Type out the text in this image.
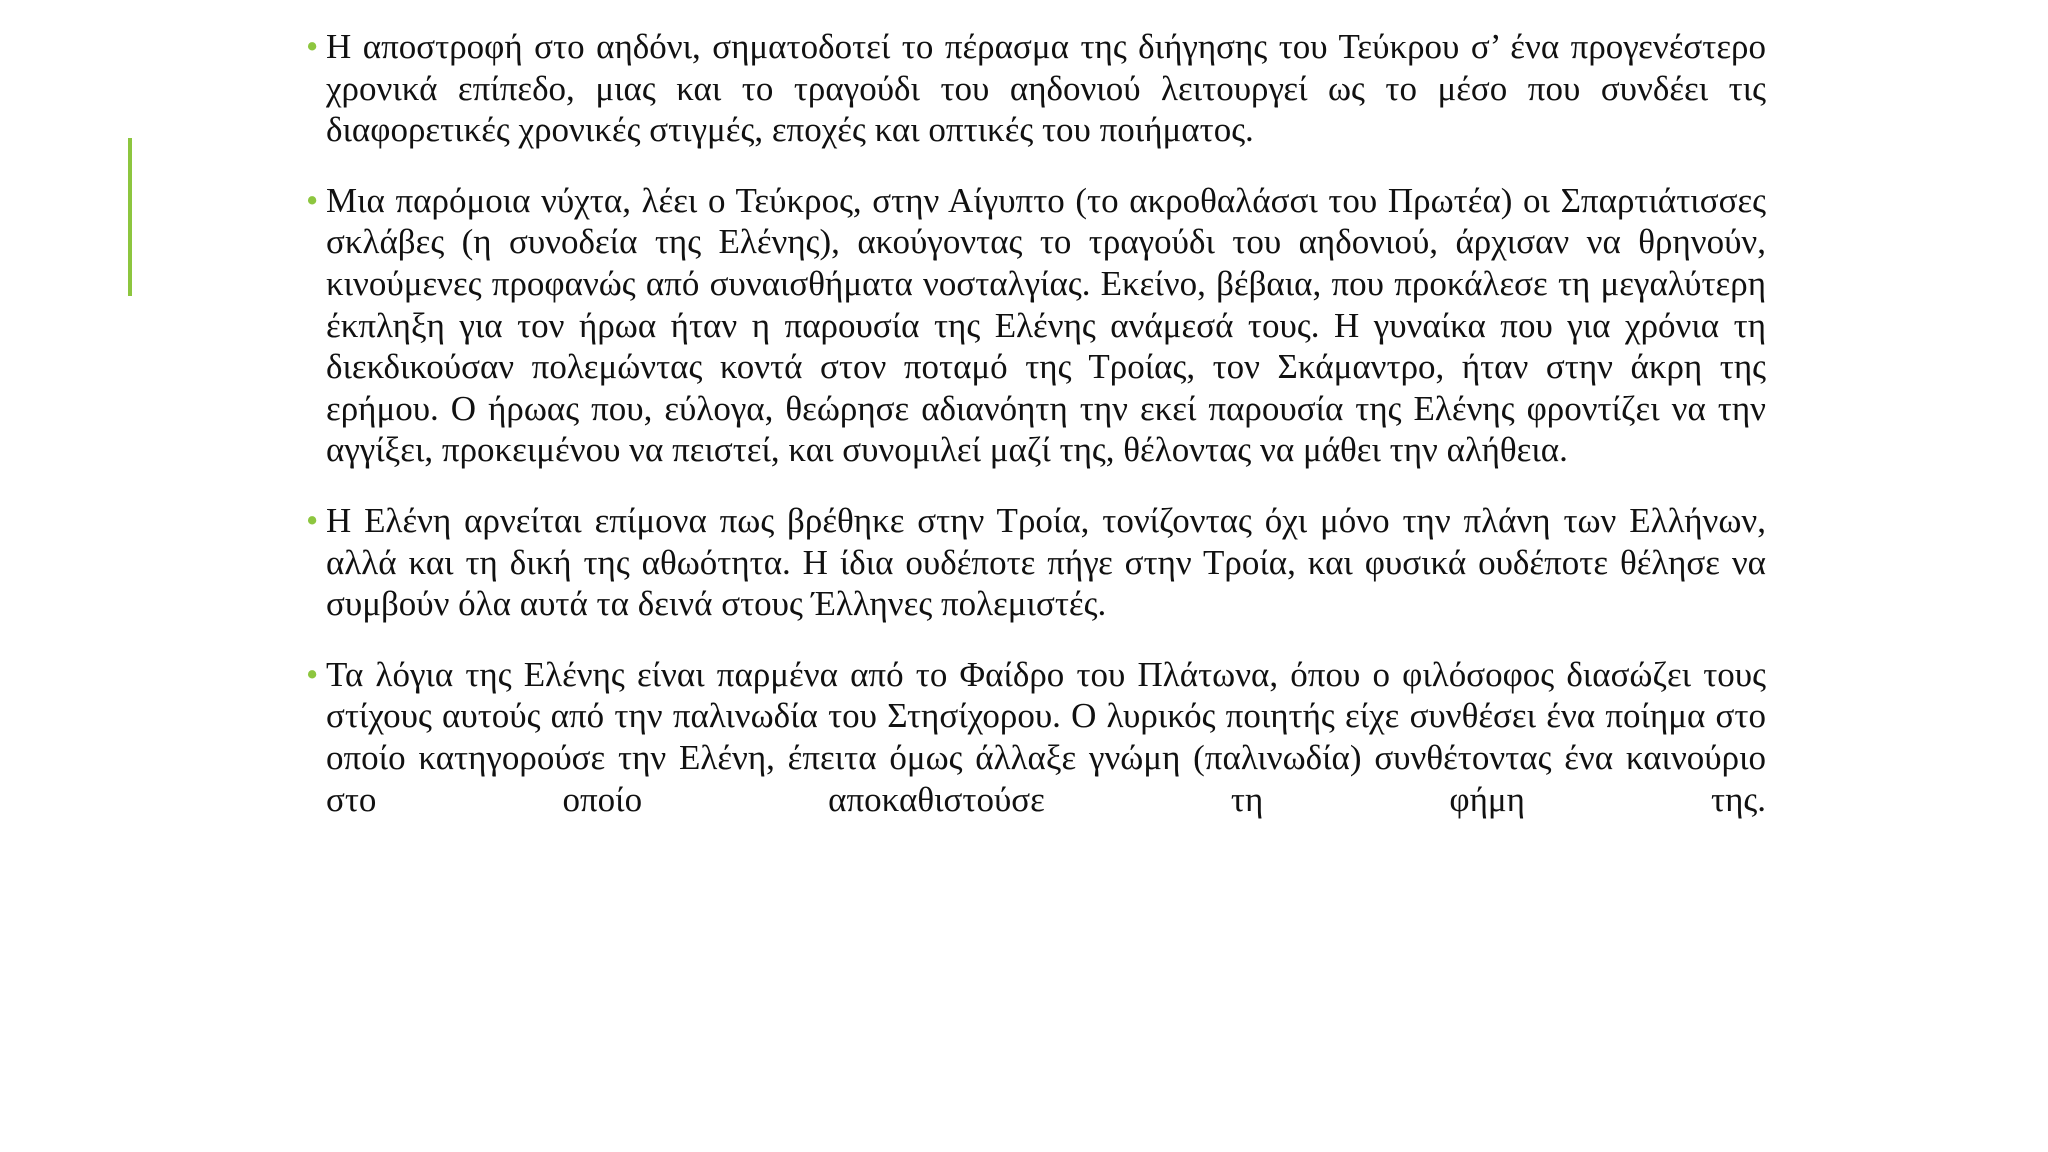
• Η αποστροφή στο αηδόνι, σηματοδοτεί το πέρασμα της διήγησης του Τεύκρου σ’ ένα προγενέστερο χρονικά επίπεδο, μιας και το τραγούδι του αηδονιού λειτουργεί ως το μέσο που συνδέει τις διαφορετικές χρονικές στιγμές, εποχές και οπτικές του ποιήματος.
• Μια παρόμοια νύχτα, λέει ο Τεύκρος, στην Αίγυπτο (το ακροθαλάσσι του Πρωτέα) οι Σπαρτιάτισσες σκλάβες (η συνοδεία της Ελένης), ακούγοντας το τραγούδι του αηδονιού, άρχισαν να θρηνούν, κινούμενες προφανώς από συναισθήματα νοσταλγίας. Εκείνο, βέβαια, που προκάλεσε τη μεγαλύτερη έκπληξη για τον ήρωα ήταν η παρουσία της Ελένης ανάμεσά τους. Η γυναίκα που για χρόνια τη διεκδικούσαν πολεμώντας κοντά στον ποταμό της Τροίας, τον Σκάμαντρο, ήταν στην άκρη της ερήμου. Ο ήρωας που, εύλογα, θεώρησε αδιανόητη την εκεί παρουσία της Ελένης φροντίζει να την αγγίξει, προκειμένου να πειστεί, και συνομιλεί μαζί της, θέλοντας να μάθει την αλήθεια.
• Η Ελένη αρνείται επίμονα πως βρέθηκε στην Τροία, τονίζοντας όχι μόνο την πλάνη των Ελλήνων, αλλά και τη δική της αθωότητα. Η ίδια ουδέποτε πήγε στην Τροία, και φυσικά ουδέποτε θέλησε να συμβούν όλα αυτά τα δεινά στους Έλληνες πολεμιστές.
• Τα λόγια της Ελένης είναι παρμένα από το Φαίδρο του Πλάτωνα, όπου ο φιλόσοφος διασώζει τους στίχους αυτούς από την παλινωδία του Στησίχορου. Ο λυρικός ποιητής είχε συνθέσει ένα ποίημα στο οποίο κατηγορούσε την Ελένη, έπειτα όμως άλλαξε γνώμη (παλινωδία) συνθέτοντας ένα καινούριο στο οποίο αποκαθιστούσε τη φήμη της.
